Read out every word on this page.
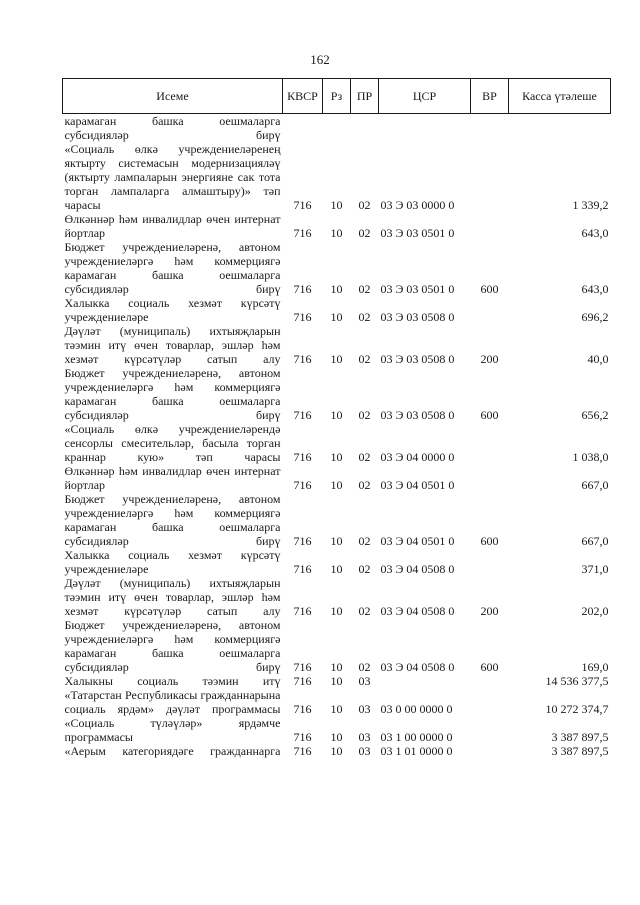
162
Исеме	КВСР	Рз	ПР	ЦСР	ВР	Касса үтәлеше
карамаган башка оешмаларга субсидияләр бирү						
«Социаль өлкә учреждениеләренең яктырту системасын модернизацияләү (яктырту лампаларын энергияне сак тота торган лампаларга алмаштыру)» тәп чарасы	716	10	02	03 Э 03 0000 0		1 339,2
Өлкәннәр һәм инвалидлар өчен интернат йортлар	716	10	02	03 Э 03 0501 0		643,0
Бюджет учреждениеләренә, автоном учреждениеләргә һәм коммерциягә карамаган башка оешмаларга субсидияләр бирү	716	10	02	03 Э 03 0501 0	600	643,0
Халыкка социаль хезмәт күрсәтү учреждениеләре	716	10	02	03 Э 03 0508 0		696,2
Дәүләт (муниципаль) ихтыяҗларын тәэмин итү өчен товарлар, эшләр һәм хезмәт күрсәтүләр сатып алу	716	10	02	03 Э 03 0508 0	200	40,0
Бюджет учреждениеләренә, автоном учреждениеләргә һәм коммерциягә карамаган башка оешмаларга субсидияләр бирү	716	10	02	03 Э 03 0508 0	600	656,2
«Социаль өлкә учреждениеләрендә сенсорлы смесительләр, басыла торган краннар кую» тәп чарасы	716	10	02	03 Э 04 0000 0		1 038,0
Өлкәннәр һәм инвалидлар өчен интернат йортлар	716	10	02	03 Э 04 0501 0		667,0
Бюджет учреждениеләренә, автоном учреждениеләргә һәм коммерциягә карамаган башка оешмаларга субсидияләр бирү	716	10	02	03 Э 04 0501 0	600	667,0
Халыкка социаль хезмәт күрсәтү учреждениеләре	716	10	02	03 Э 04 0508 0		371,0
Дәүләт (муниципаль) ихтыяҗларын тәэмин итү өчен товарлар, эшләр һәм хезмәт күрсәтүләр сатып алу	716	10	02	03 Э 04 0508 0	200	202,0
Бюджет учреждениеләренә, автоном учреждениеләргә һәм коммерциягә карамаган башка оешмаларга субсидияләр бирү	716	10	02	03 Э 04 0508 0	600	169,0
Халыкны социаль тәэмин итү	716	10	03			14 536 377,5
«Татарстан Республикасы гражданнарына социаль ярдәм» дәүләт программасы	716	10	03	03 0 00 0000 0		10 272 374,7
«Социаль түләүләр» ярдәмче программасы	716	10	03	03 1 00 0000 0		3 387 897,5
«Аерым категориядәге гражданнарга	716	10	03	03 1 01 0000 0		3 387 897,5
